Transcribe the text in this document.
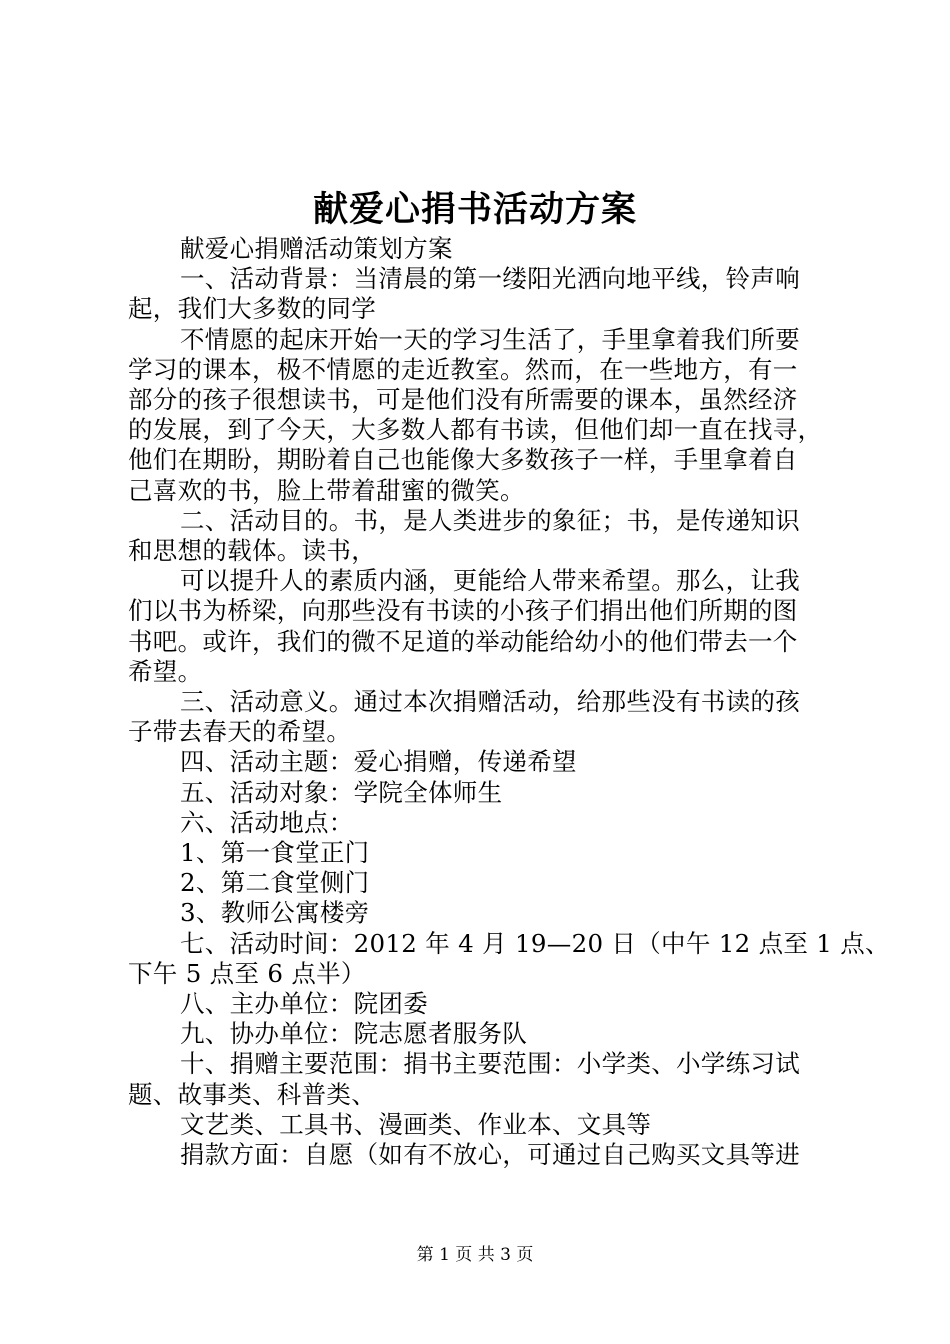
献爱心捐书活动方案
献爱心捐赠活动策划方案
一、活动背景：当清晨的第一缕阳光洒向地平线，铃声响
起，我们大多数的同学
不情愿的起床开始一天的学习生活了，手里拿着我们所要
学习的课本，极不情愿的走近教室。然而，在一些地方，有一
部分的孩子很想读书，可是他们没有所需要的课本，虽然经济
的发展，到了今天，大多数人都有书读，但他们却一直在找寻，
他们在期盼，期盼着自己也能像大多数孩子一样，手里拿着自
己喜欢的书，脸上带着甜蜜的微笑。
二、活动目的。书，是人类进步的象征；书，是传递知识
和思想的载体。读书，
可以提升人的素质内涵，更能给人带来希望。那么，让我
们以书为桥梁，向那些没有书读的小孩子们捐出他们所期的图
书吧。或许，我们的微不足道的举动能给幼小的他们带去一个
希望。
三、活动意义。通过本次捐赠活动，给那些没有书读的孩
子带去春天的希望。
四、活动主题：爱心捐赠，传递希望
五、活动对象：学院全体师生
六、活动地点：
1、第一食堂正门
2、第二食堂侧门
3、教师公寓楼旁
七、活动时间：2012 年 4 月 19—20 日（中午 12 点至 1 点、
下午 5 点至 6 点半）
八、主办单位：院团委
九、协办单位：院志愿者服务队
十、捐赠主要范围：捐书主要范围：小学类、小学练习试
题、故事类、科普类、
文艺类、工具书、漫画类、作业本、文具等
捐款方面：自愿（如有不放心，可通过自己购买文具等进
第 1 页 共 3 页
